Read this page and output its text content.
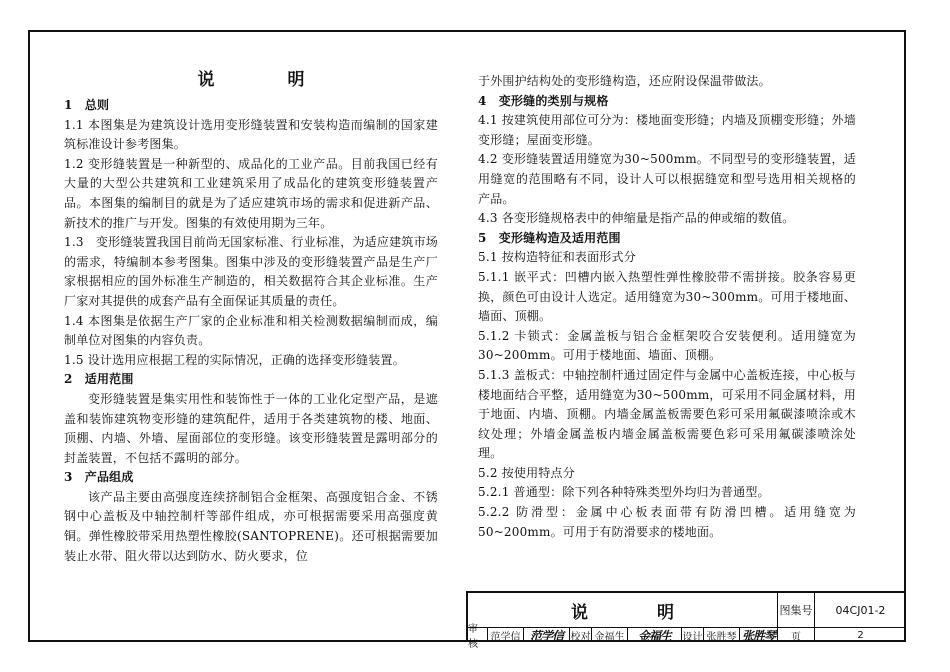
说　明

1　总则

1.1 本图集是为建筑设计选用变形缝装置和安装构造而编制的国家建筑标准设计参考图集。

1.2 变形缝装置是一种新型的、成品化的工业产品。目前我国已经有大量的大型公共建筑和工业建筑采用了成品化的建筑变形缝装置产品。本图集的编制目的就是为了适应建筑市场的需求和促进新产品、新技术的推广与开发。图集的有效使用期为三年。

1.3　变形缝装置我国目前尚无国家标准、行业标准，为适应建筑市场的需求，特编制本参考图集。图集中涉及的变形缝装置产品是生产厂家根据相应的国外标准生产制造的，相关数据符合其企业标准。生产厂家对其提供的成套产品有全面保证其质量的责任。

1.4 本图集是依据生产厂家的企业标准和相关检测数据编制而成，编制单位对图集的内容负责。

1.5 设计选用应根据工程的实际情况，正确的选择变形缝装置。

2　适用范围

变形缝装置是集实用性和装饰性于一体的工业化定型产品，是遮盖和装饰建筑物变形缝的建筑配件，适用于各类建筑物的楼、地面、顶棚、内墙、外墙、屋面部位的变形缝。该变形缝装置是露明部分的封盖装置，不包括不露明的部分。

3　产品组成

该产品主要由高强度连续挤制铝合金框架、高强度铝合金、不锈钢中心盖板及中轴控制杆等部件组成，亦可根据需要采用高强度黄铜。弹性橡胶带采用热塑性橡胶(SANTOPRENE)。还可根据需要加装止水带、阻火带以达到防水、防火要求，位

于外围护结构处的变形缝构造，还应附设保温带做法。

4　变形缝的类别与规格

4.1 按建筑使用部位可分为：楼地面变形缝；内墙及顶棚变形缝；外墙变形缝；屋面变形缝。

4.2 变形缝装置适用缝宽为30~500mm。不同型号的变形缝装置，适用缝宽的范围略有不同，设计人可以根据缝宽和型号选用相关规格的产品。

4.3 各变形缝规格表中的伸缩量是指产品的伸或缩的数值。

5　变形缝构造及适用范围

5.1 按构造特征和表面形式分

5.1.1 嵌平式：凹槽内嵌入热塑性弹性橡胶带不需拼接。胶条容易更换，颜色可由设计人选定。适用缝宽为30~300mm。可用于楼地面、墙面、顶棚。

5.1.2 卡锁式：金属盖板与铝合金框架咬合安装便利。适用缝宽为30~200mm。可用于楼地面、墙面、顶棚。

5.1.3 盖板式：中轴控制杆通过固定件与金属中心盖板连接，中心板与楼地面结合平整，适用缝宽为30~500mm，可采用不同金属材料，用于地面、内墙、顶棚。内墙金属盖板需要色彩可采用氟碳漆喷涂或木纹处理；外墙金属盖板内墙金属盖板需要色彩可采用氟碳漆喷涂处理。

5.2 按使用特点分

5.2.1 普通型：除下列各种特殊类型外均归为普通型。

5.2.2 防滑型：金属中心板表面带有防滑凹槽。适用缝宽为50~200mm。可用于有防滑要求的楼地面。

说　明	图集号	04CJ01-2
审核
范学信 范学信 校对 金福生	金福生	设计 张胜琴 张胜琴	页	2
